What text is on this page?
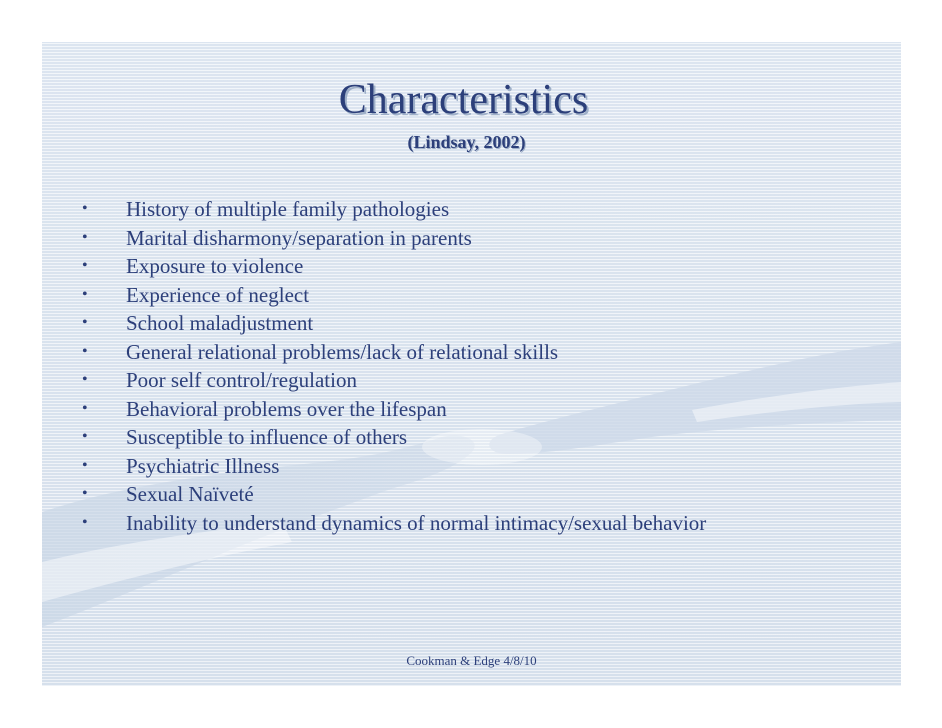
Characteristics
(Lindsay, 2002)
• History of multiple family pathologies
• Marital disharmony/separation in parents
• Exposure to violence
• Experience of neglect
• School maladjustment
• General relational problems/lack of relational skills
• Poor self control/regulation
• Behavioral problems over the lifespan
• Susceptible to influence of others
• Psychiatric Illness
• Sexual Naïveté
• Inability to understand dynamics of normal intimacy/sexual behavior
Cookman & Edge 4/8/10
